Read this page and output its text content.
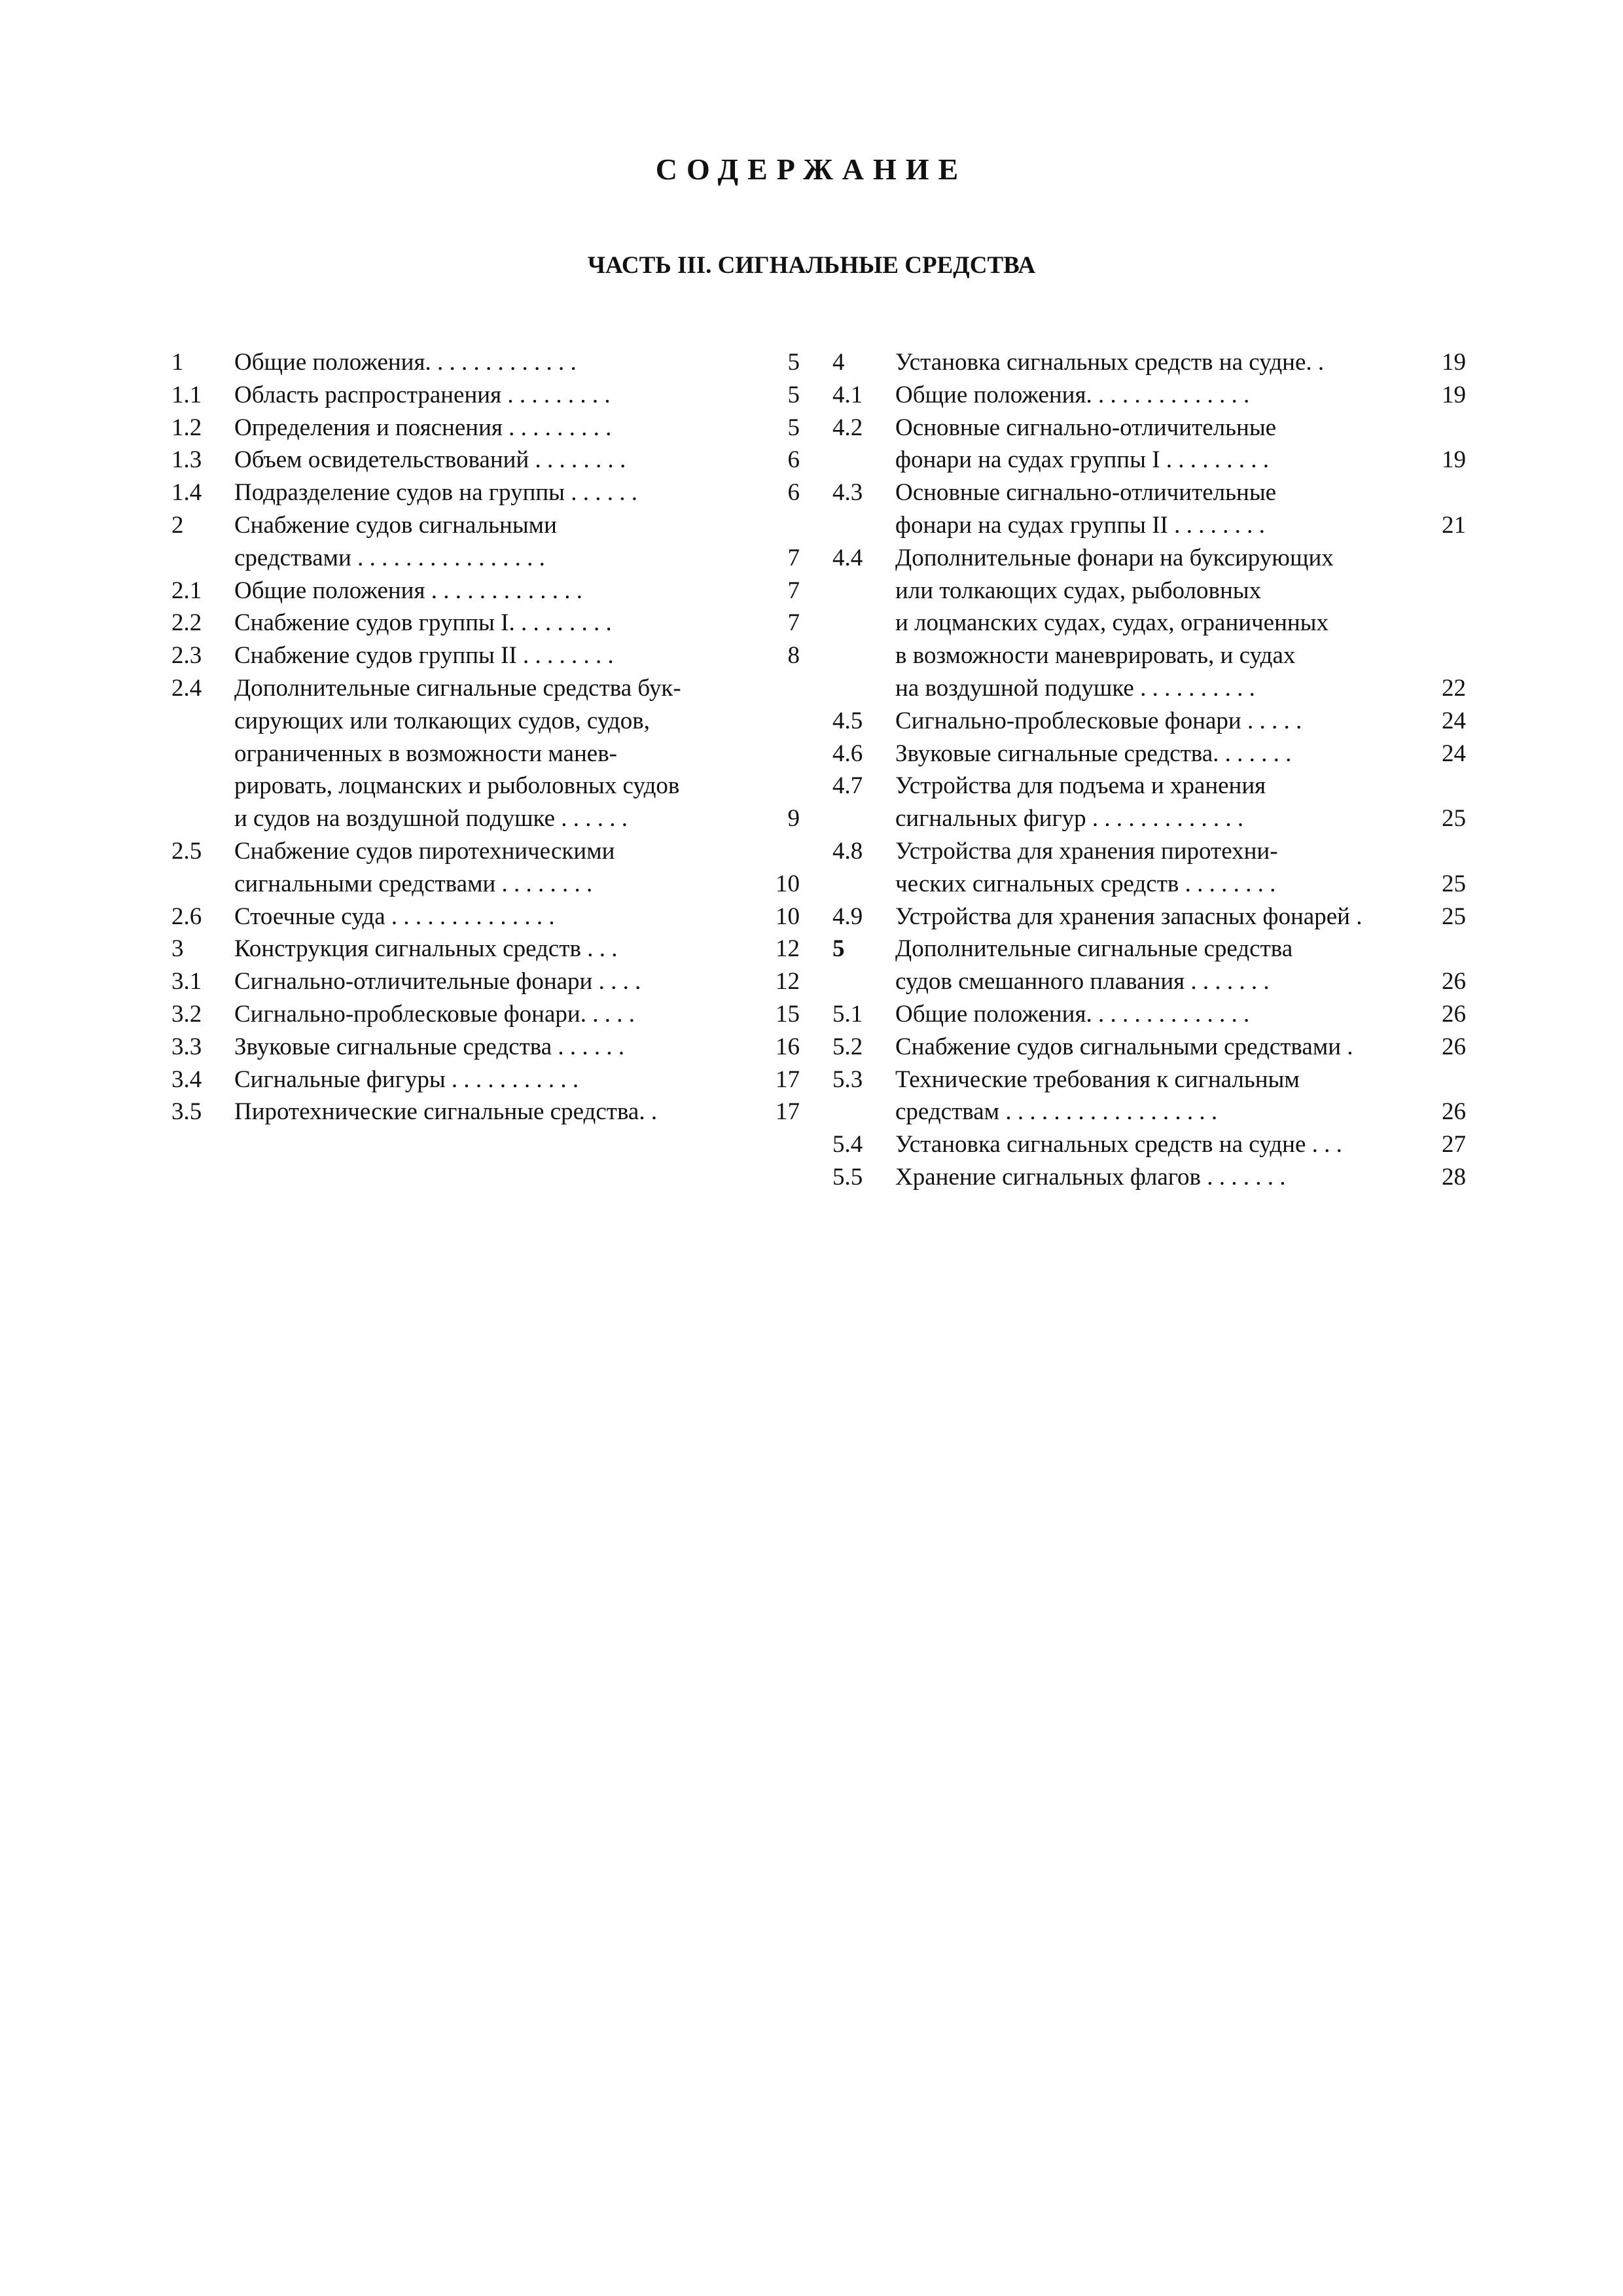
СОДЕРЖАНИЕ
ЧАСТЬ III. СИГНАЛЬНЫЕ СРЕДСТВА
1	Общие положения. . . . . . . . . . . . .	5
1.1	Область распространения . . . . . . . . .	5
1.2	Определения и пояснения . . . . . . . . .	5
1.3	Объем освидетельствований . . . . . . . .	6
1.4	Подразделение судов на группы . . . . . .	6
2	Снабжение судов сигнальными
средствами . . . . . . . . . . . . . . . .	7
2.1	Общие положения . . . . . . . . . . . . .	7
2.2	Снабжение судов группы I. . . . . . . . .	7
2.3	Снабжение судов группы II . . . . . . . .	8
2.4	Дополнительные сигнальные средства бук-
сирующих или толкающих судов, судов,
ограниченных в возможности манев-
рировать, лоцманских и рыболовных судов
и судов на воздушной подушке . . . . . .	9
2.5	Снабжение судов пиротехническими
сигнальными средствами . . . . . . . .	10
2.6	Стоечные суда . . . . . . . . . . . . . .	10
3	Конструкция сигнальных средств . . .	12
3.1	Сигнально-отличительные фонари . . . .	12
3.2	Сигнально-проблесковые фонари. . . . .	15
3.3	Звуковые сигнальные средства . . . . . .	16
3.4	Сигнальные фигуры . . . . . . . . . . .	17
3.5	Пиротехнические сигнальные средства. .	17
4	Установка сигнальных средств на судне. .	19
4.1	Общие положения. . . . . . . . . . . . . .	19
4.2	Основные сигнально-отличительные
фонари на судах группы I . . . . . . . . .	19
4.3	Основные сигнально-отличительные
фонари на судах группы II . . . . . . . .	21
4.4	Дополнительные фонари на буксирующих
или толкающих судах, рыболовных
и лоцманских судах, судах, ограниченных
в возможности маневрировать, и судах
на воздушной подушке . . . . . . . . . .	22
4.5	Сигнально-проблесковые фонари . . . . .	24
4.6	Звуковые сигнальные средства. . . . . . .	24
4.7	Устройства для подъема и хранения
сигнальных фигур . . . . . . . . . . . . .	25
4.8	Устройства для хранения пиротехни-
ческих сигнальных средств . . . . . . . .	25
4.9	Устройства для хранения запасных фонарей .	25
5	Дополнительные сигнальные средства
судов смешанного плавания . . . . . . .	26
5.1	Общие положения. . . . . . . . . . . . . .	26
5.2	Снабжение судов сигнальными средствами .	26
5.3	Технические требования к сигнальным
средствам . . . . . . . . . . . . . . . . . .	26
5.4	Установка сигнальных средств на судне . . .	27
5.5	Хранение сигнальных флагов . . . . . . .	28
